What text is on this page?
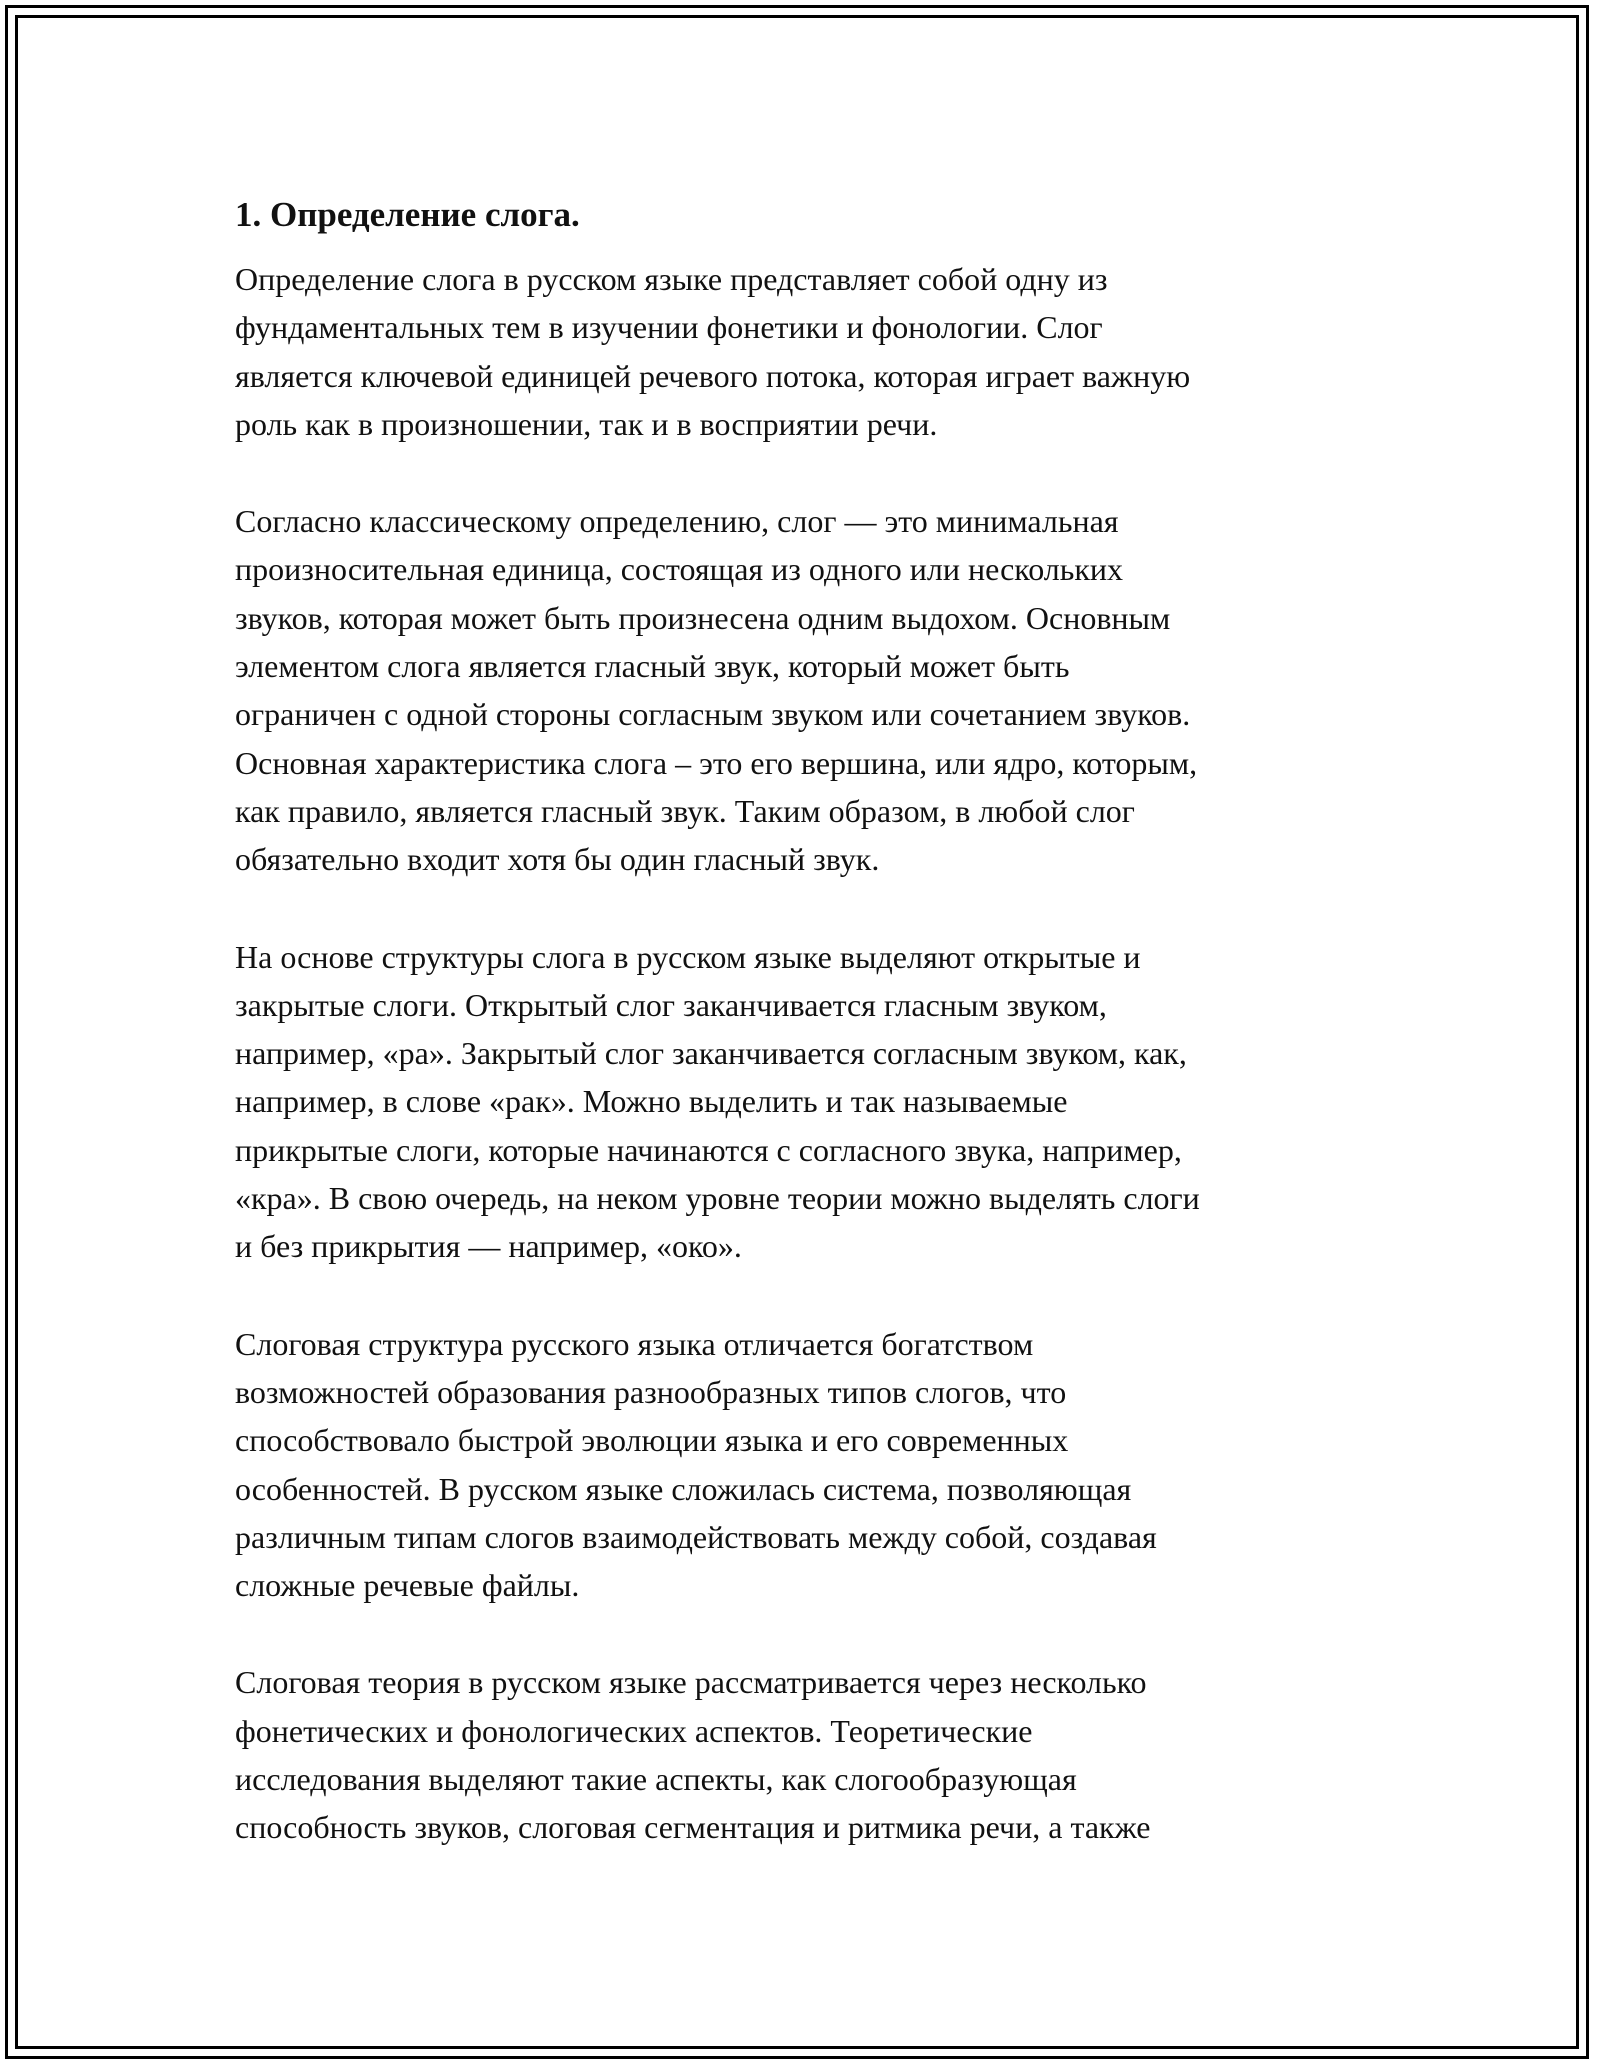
1. Определение слога.

Определение слога в русском языке представляет собой одну из
фундаментальных тем в изучении фонетики и фонологии. Слог
является ключевой единицей речевого потока, которая играет важную
роль как в произношении, так и в восприятии речи.

Согласно классическому определению, слог — это минимальная
произносительная единица, состоящая из одного или нескольких
звуков, которая может быть произнесена одним выдохом. Основным
элементом слога является гласный звук, который может быть
ограничен с одной стороны согласным звуком или сочетанием звуков.
Основная характеристика слога – это его вершина, или ядро, которым,
как правило, является гласный звук. Таким образом, в любой слог
обязательно входит хотя бы один гласный звук.

На основе структуры слога в русском языке выделяют открытые и
закрытые слоги. Открытый слог заканчивается гласным звуком,
например, «ра». Закрытый слог заканчивается согласным звуком, как,
например, в слове «рак». Можно выделить и так называемые
прикрытые слоги, которые начинаются с согласного звука, например,
«кра». В свою очередь, на неком уровне теории можно выделять слоги
и без прикрытия — например, «око».

Слоговая структура русского языка отличается богатством
возможностей образования разнообразных типов слогов, что
способствовало быстрой эволюции языка и его современных
особенностей. В русском языке сложилась система, позволяющая
различным типам слогов взаимодействовать между собой, создавая
сложные речевые файлы.

Слоговая теория в русском языке рассматривается через несколько
фонетических и фонологических аспектов. Теоретические
исследования выделяют такие аспекты, как слогообразующая
способность звуков, слоговая сегментация и ритмика речи, а также
